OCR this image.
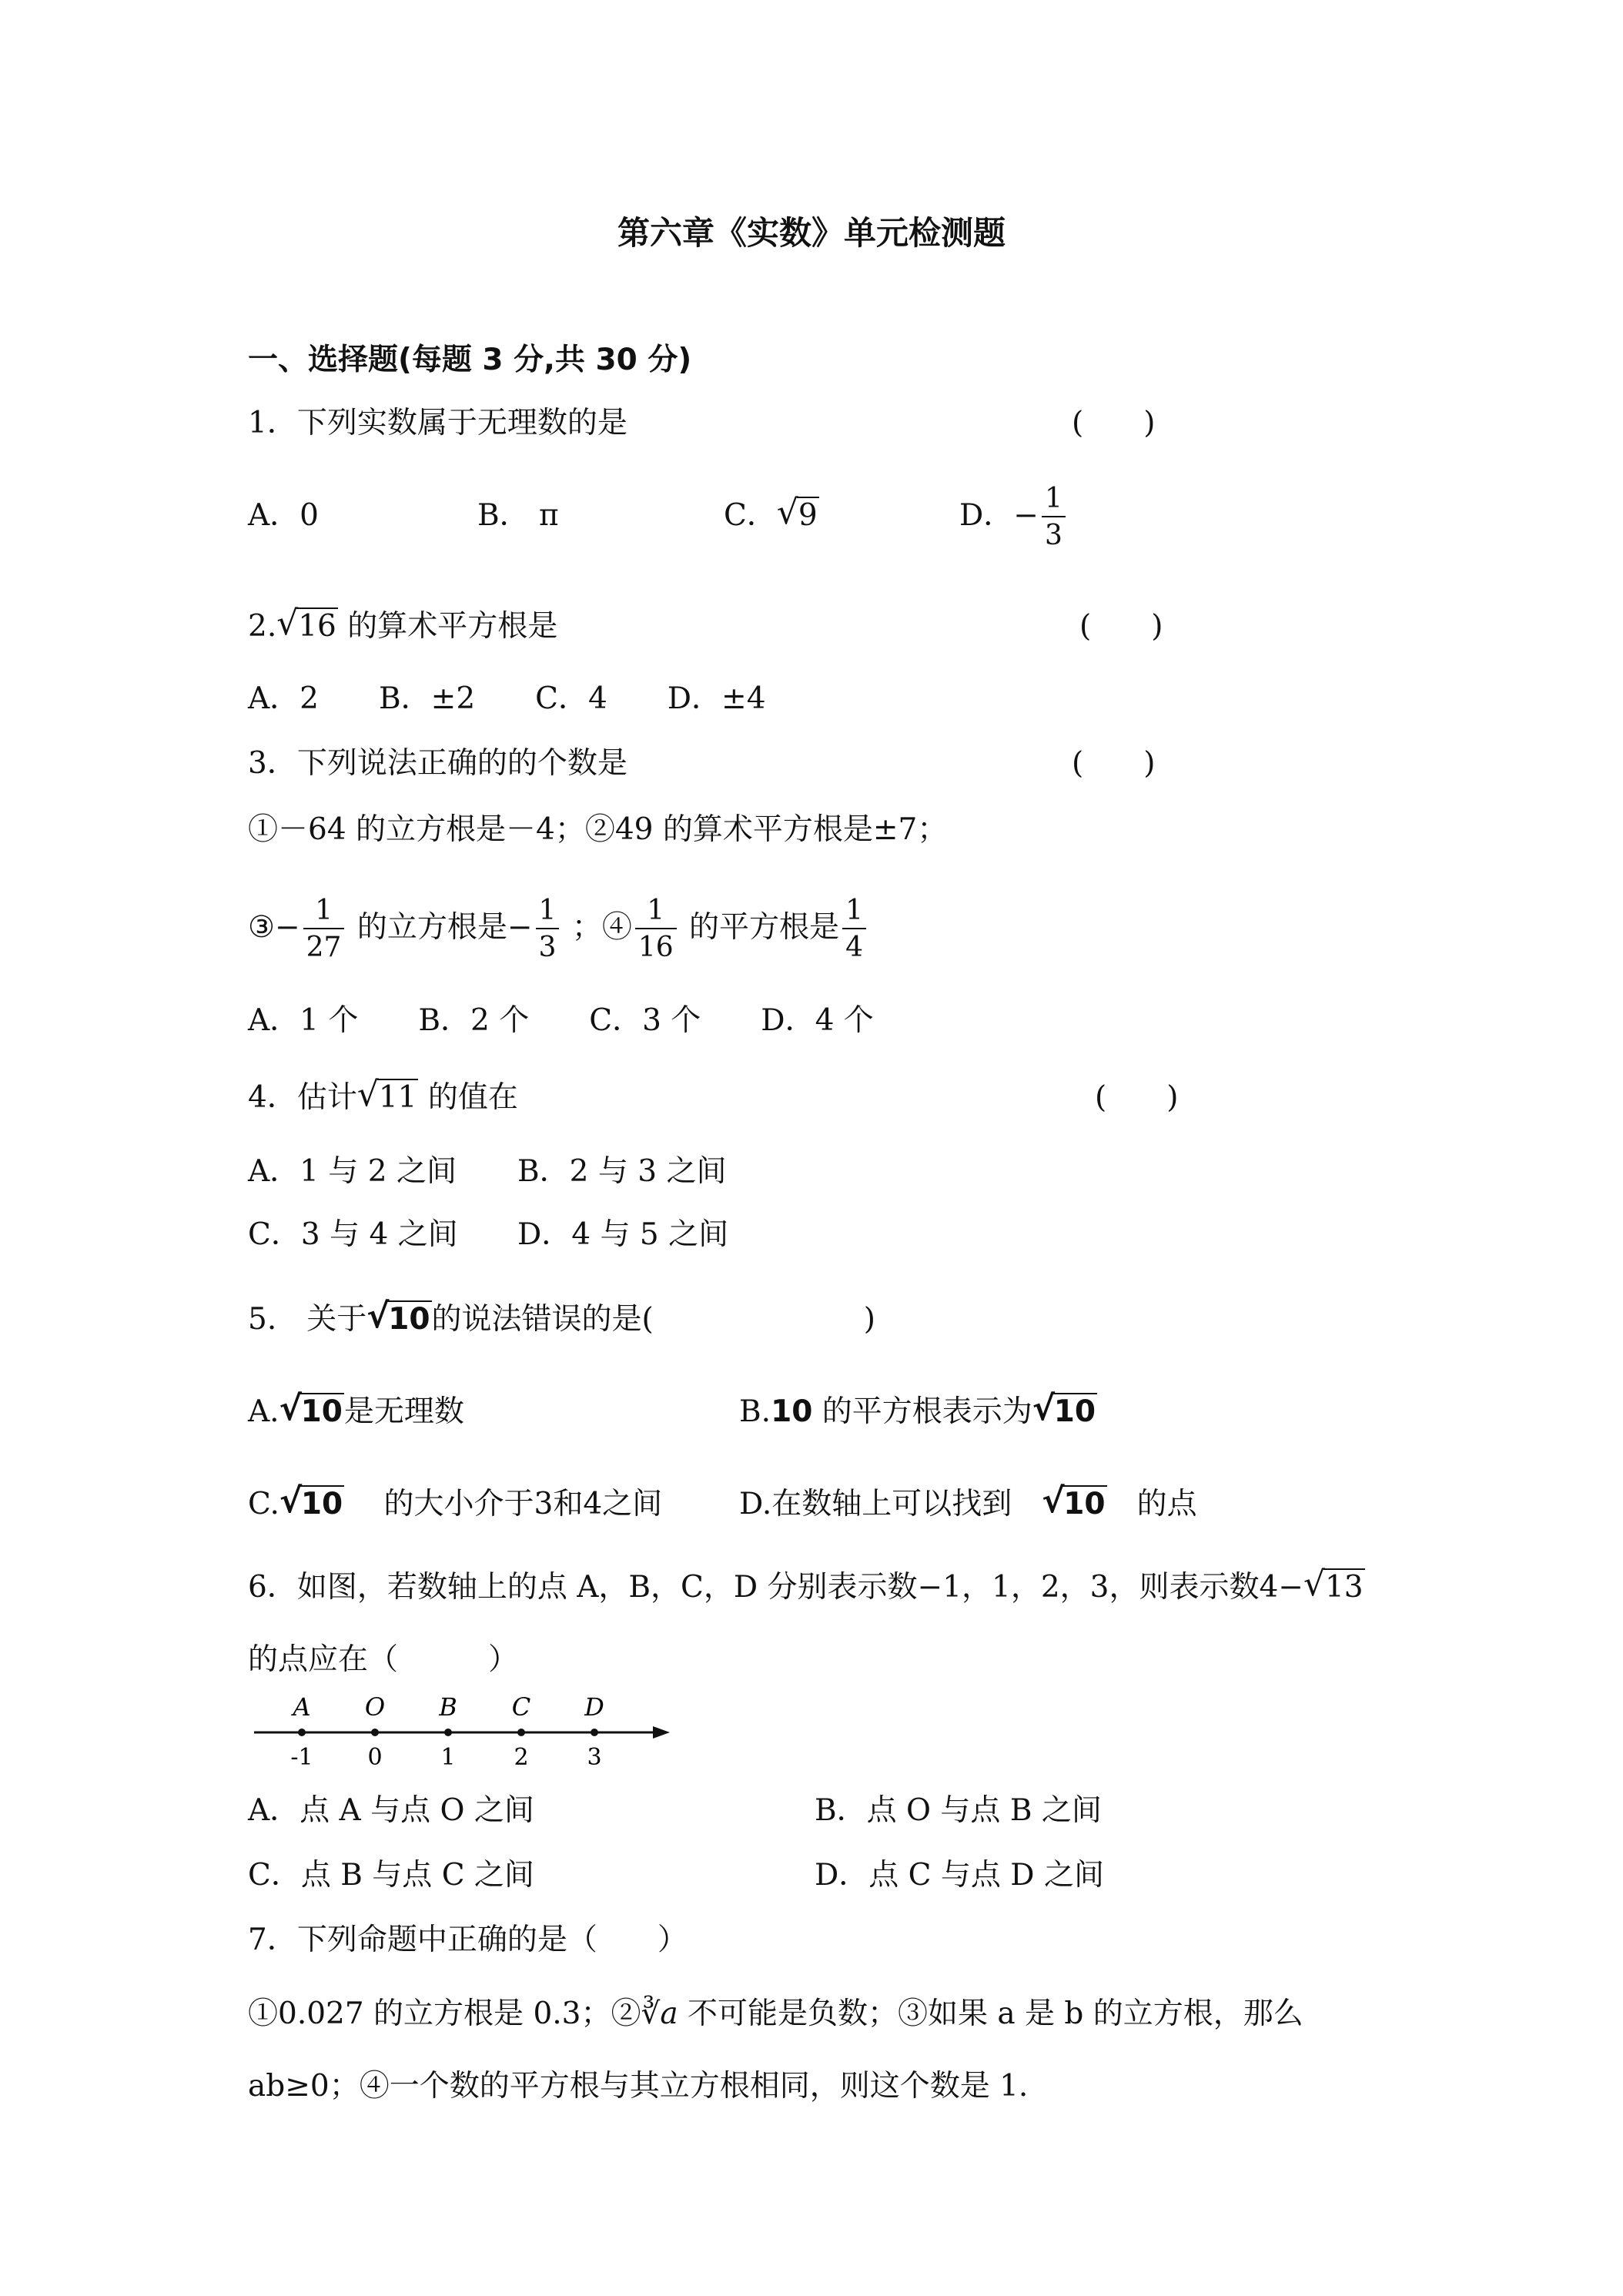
第六章《实数》单元检测题
一、选择题(每题 3 分,共 30 分)
1．下列实数属于无理数的是	(　　)
A．0	B． π	C． √ 9	D．− $\frac{1}{3}$
2. √ 16 的算术平方根是	(　　)
A．2　　B．±2　　C．4　　D．±4
3．下列说法正确的的个数是	(　　)
①－64 的立方根是－4；②49 的算术平方根是±7；
③− $\frac{1}{27}$ 的立方根是− $\frac{1}{3}$ ；④ $\frac{1}{16}$ 的平方根是 $\frac{1}{4}$
A．1 个　　B．2 个　　C．3 个　　D．4 个
4．估计 √ 11 的值在	(　　)
A．1 与 2 之间 B．2 与 3 之间
C．3 与 4 之间 D．4 与 5 之间
5.　关于 √
10的说法错误的是(　　　　　　　)
A. √
10是无理数	B.10 的平方根表示为 √
10
C. √
10 　的大小介于3和4之间	D.在数轴上可以找到　 √
10　的点
6．如图，若数轴上的点 A，B，C，D 分别表示数−1，1，2，3，则表示数4− √ 13
的点应在（　　　）
A
-1
O
0
B
1
C
2
D
3
A．点 A 与点 O 之间	B．点 O 与点 B 之间
C．点 B 与点 C 之间	D．点 C 与点 D 之间
7．下列命题中正确的是（　　）
①0.027 的立方根是 0.3；②∛a 不可能是负数；③如果 a 是 b 的立方根，那么
ab≥0；④一个数的平方根与其立方根相同，则这个数是 1.
